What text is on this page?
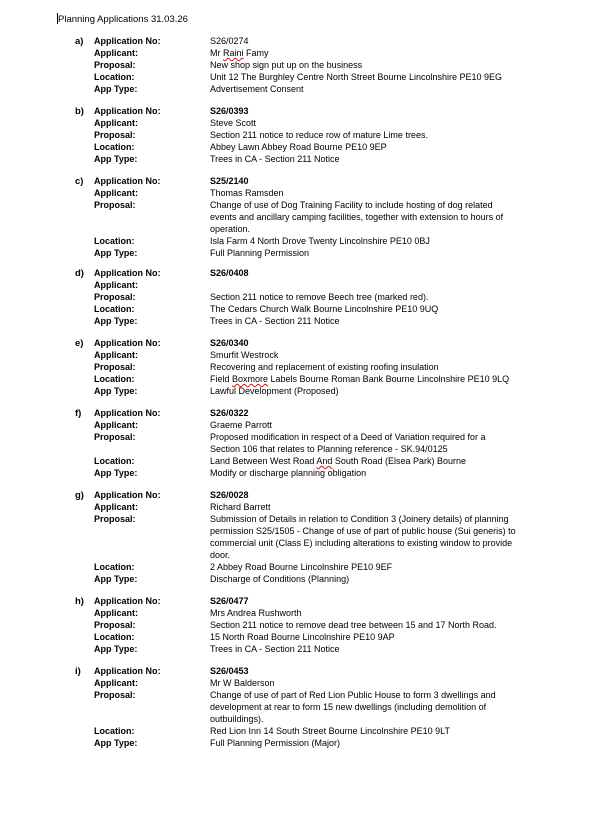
Planning Applications 31.03.26
a) Application No:	S26/0274
Applicant:	Mr Raini Famy
Proposal:	New shop sign put up on the business
Location:	Unit 12 The Burghley Centre North Street Bourne Lincolnshire PE10 9EG
App Type:	Advertisement Consent
b) Application No:	S26/0393
Applicant:	Steve Scott
Proposal:	Section 211 notice to reduce row of mature Lime trees.
Location:	Abbey Lawn Abbey Road Bourne PE10 9EP
App Type:	Trees in CA - Section 211 Notice
c) Application No:	S25/2140
Applicant:	Thomas Ramsden
Proposal:	Change of use of Dog Training Facility to include hosting of dog related
events and ancillary camping facilities, together with extension to hours of
operation.
Location:	Isla Farm 4 North Drove Twenty Lincolnshire PE10 0BJ
App Type:	Full Planning Permission
d) Application No:	S26/0408
Applicant:
Proposal:	Section 211 notice to remove Beech tree (marked red).
Location:	The Cedars Church Walk Bourne Lincolnshire PE10 9UQ
App Type:	Trees in CA - Section 211 Notice
e) Application No:	S26/0340
Applicant:	Smurfit Westrock
Proposal:	Recovering and replacement of existing roofing insulation
Location:	Field Boxmore Labels Bourne Roman Bank Bourne Lincolnshire PE10 9LQ
App Type:	Lawful Development (Proposed)
f) Application No:	S26/0322
Applicant:	Graeme Parrott
Proposal:	Proposed modification in respect of a Deed of Variation required for a
Section 106 that relates to Planning reference - SK.94/0125
Location:	Land Between West Road And South Road (Elsea Park) Bourne
App Type:	Modify or discharge planning obligation
g) Application No:	S26/0028
Applicant:	Richard Barrett
Proposal:	Submission of Details in relation to Condition 3 (Joinery details) of planning
permission S25/1505 - Change of use of part of public house (Sui generis) to
commercial unit (Class E) including alterations to existing window to provide
door.
Location:	2 Abbey Road Bourne Lincolnshire PE10 9EF
App Type:	Discharge of Conditions (Planning)
h) Application No:	S26/0477
Applicant:	Mrs Andrea Rushworth
Proposal:	Section 211 notice to remove dead tree between 15 and 17 North Road.
Location:	15 North Road Bourne Lincolnshire PE10 9AP
App Type:	Trees in CA - Section 211 Notice
i) Application No:	S26/0453
Applicant:	Mr W Balderson
Proposal:	Change of use of part of Red Lion Public House to form 3 dwellings and
development at rear to form 15 new dwellings (including demolition of
outbuildings).
Location:	Red Lion Inn 14 South Street Bourne Lincolnshire PE10 9LT
App Type:	Full Planning Permission (Major)
